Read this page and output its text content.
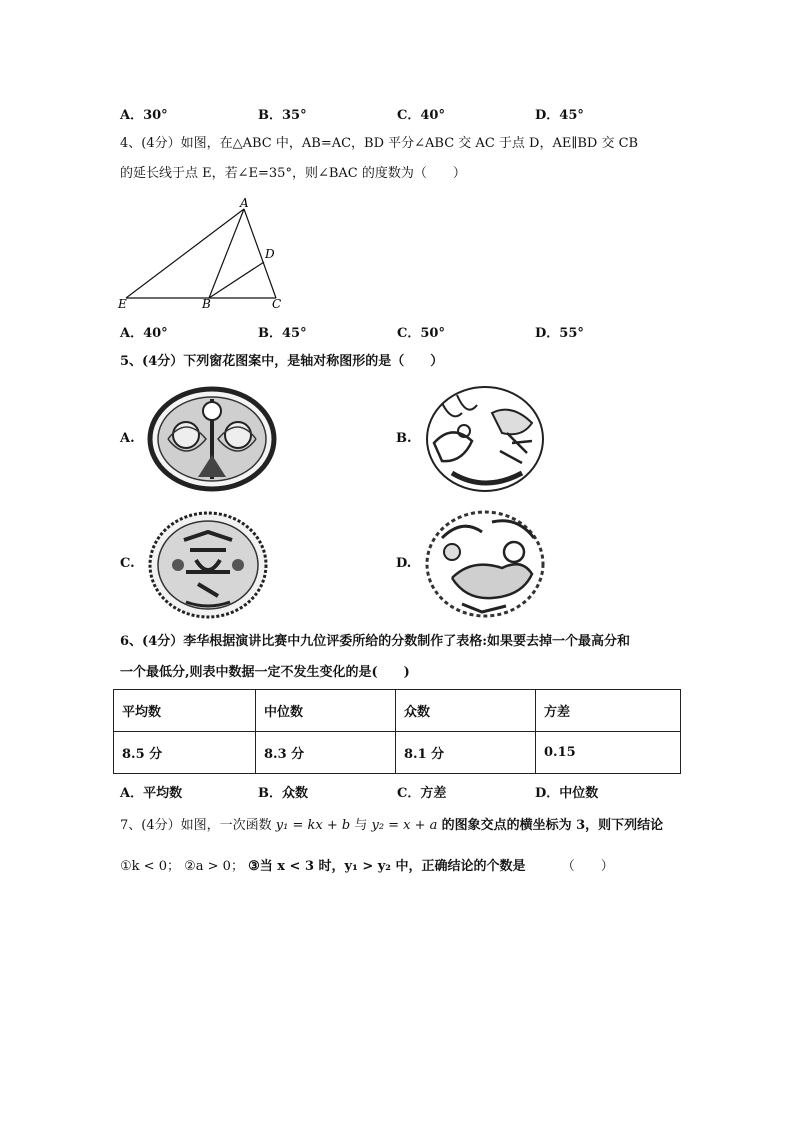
A．30°	B．35°	C．40°	D．45°
4、(4分）如图，在△ABC 中，AB=AC，BD 平分∠ABC 交 AC 于点 D，AE∥BD 交 CB
的延长线于点 E，若∠E=35°，则∠BAC 的度数为（　　）
A
D
E	B	C
A．40°	B．45°	C．50°	D．55°
5、(4分）下列窗花图案中，是轴对称图形的是（　　）
A.	B.
C.	D.
6、(4分）李华根据演讲比赛中九位评委所给的分数制作了表格:如果要去掉一个最高分和
一个最低分,则表中数据一定不发生变化的是(　　)
平均数	中位数	众数	方差
8.5 分	8.3 分	8.1 分	0.15
A．平均数	B．众数	C．方差	D．中位数
7、(4分）如图，一次函数 y₁ = kx + b 与 y₂ = x + a 的图象交点的横坐标为 3，则下列结论
①k < 0； ②a > 0； ③当 x < 3 时，y₁ > y₂ 中，正确结论的个数是	（　　）
